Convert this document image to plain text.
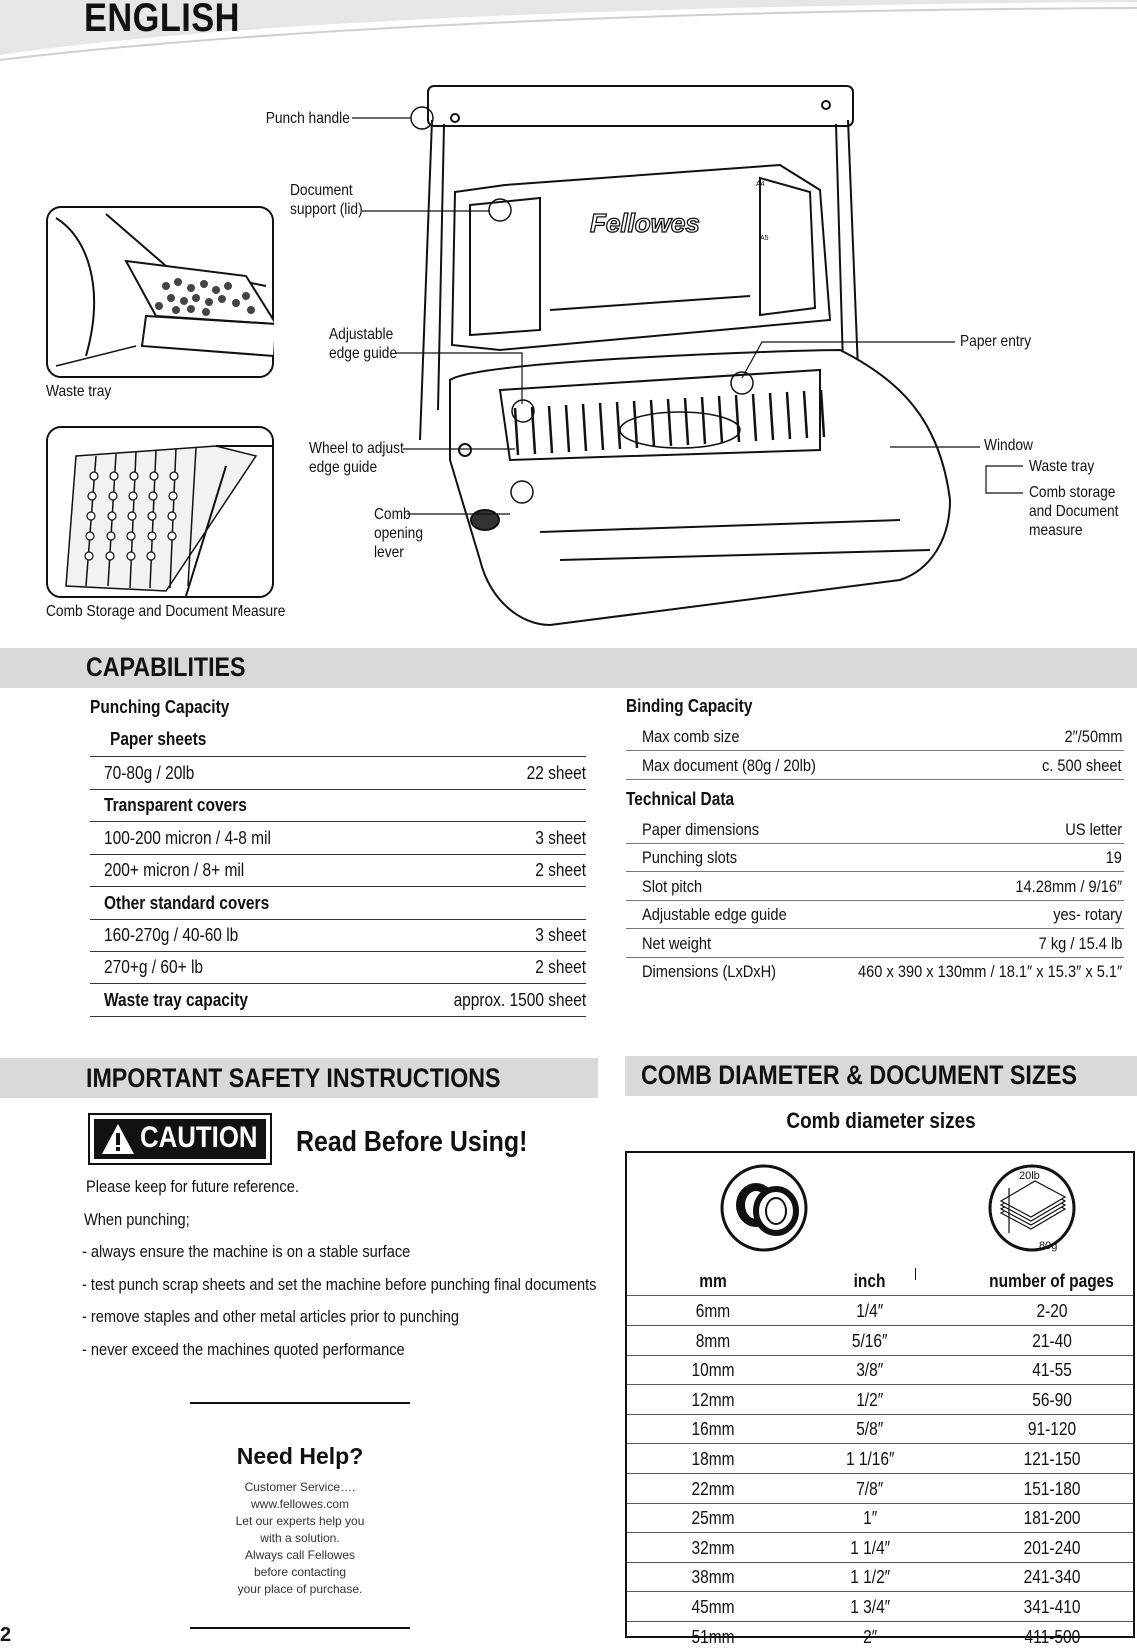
ENGLISH
Waste tray
Comb Storage and Document Measure
Fellowes
A4
A5
Punch handle
Document
support (lid)
Adjustable
edge guide
Wheel to adjust
edge guide
Comb
opening
lever
Paper entry
Window
Waste tray
Comb storage
and Document
measure
CAPABILITIES
Punching Capacity
Paper sheets
70-80g / 20lb	22 sheet
Transparent covers
100-200 micron / 4-8 mil	3 sheet
200+ micron / 8+ mil	2 sheet
Other standard covers
160-270g / 40-60 lb	3 sheet
270+g / 60+ lb	2 sheet
Waste tray capacity	approx. 1500 sheet
Binding Capacity
Max comb size	2″/50mm
Max document (80g / 20lb)	c. 500 sheet
Technical Data
Paper dimensions	US letter
Punching slots	19
Slot pitch	14.28mm / 9/16″
Adjustable edge guide	yes- rotary
Net weight	7 kg / 15.4 lb
Dimensions (LxDxH)	460 x 390 x 130mm / 18.1″ x 15.3″ x 5.1″
IMPORTANT SAFETY INSTRUCTIONS
CAUTION Read Before Using!
Please keep for future reference.
When punching;
- always ensure the machine is on a stable surface
- test punch scrap sheets and set the machine before punching final documents
- remove staples and other metal articles prior to punching
- never exceed the machines quoted performance
Need Help?
Customer Service….
www.fellowes.com
Let our experts help you
with a solution.
Always call Fellowes
before contacting
your place of purchase.
COMB DIAMETER & DOCUMENT SIZES
Comb diameter sizes
20lb
80g
mm	inch	number of pages
6mm	1/4″	2-20
8mm	5/16″	21-40
10mm	3/8″	41-55
12mm	1/2″	56-90
16mm	5/8″	91-120
18mm	1 1/16″	121-150
22mm	7/8″	151-180
25mm	1″	181-200
32mm	1 1/4″	201-240
38mm	1 1/2″	241-340
45mm	1 3/4″	341-410
51mm	2″	411-500
2
